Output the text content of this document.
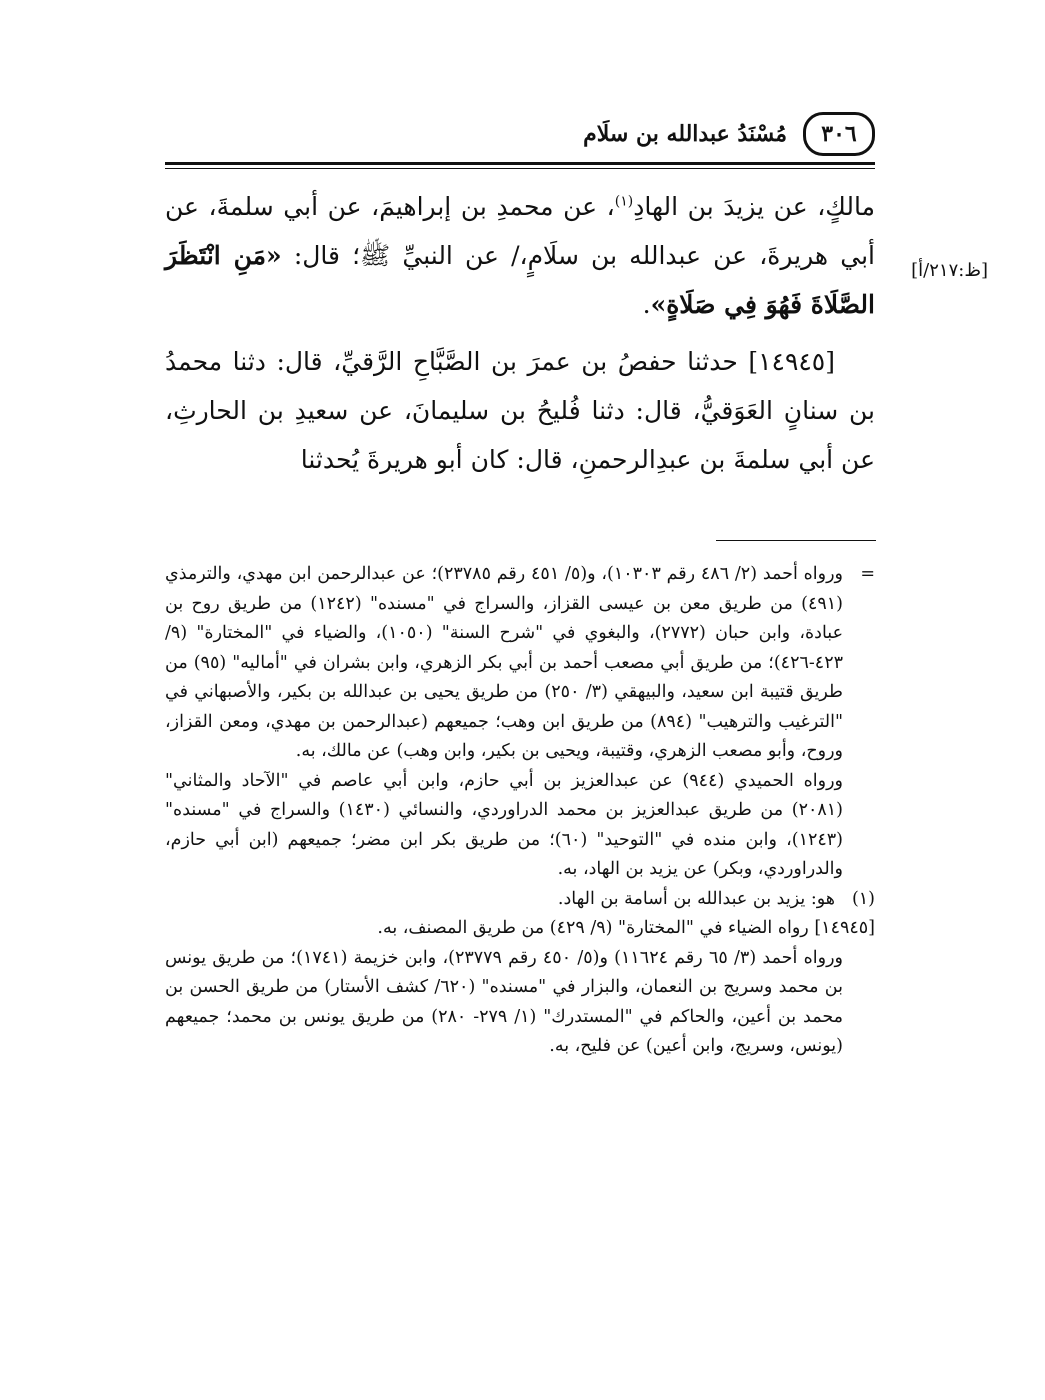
٣٠٦
مُسْنَدُ عبدالله بن سلَام
[ظ:٢١٧/أ]

مالكٍ، عن يزيدَ بن الهادِ$^{(١)}$، عن محمدِ بن إبراهيمَ، عن أبي سلمةَ، عن أبي هريرةَ، عن عبدالله بن سلَامٍ،/ عن النبيِّ ﷺ؛ قال: «مَنِ انْتَظَرَ الصَّلَاةَ فَهُوَ فِي صَلَاةٍ».

[١٤٩٤٥] حدثنا حفصُ بن عمرَ بن الصَّبَّاحِ الرَّقيِّ، قال: دثنا محمدُ بن سنانٍ العَوَقيُّ، قال: دثنا فُليحُ بن سليمانَ، عن سعيدِ بن الحارثِ، عن أبي سلمةَ بن عبدِالرحمنِ، قال: كان أبو هريرةَ يُحدثنا

=
ورواه أحمد (٢/ ٤٨٦ رقم ١٠٣٠٣)، و(٥/ ٤٥١ رقم ٢٣٧٨٥)؛ عن عبدالرحمن ابن مهدي، والترمذي (٤٩١) من طريق معن بن عيسى القزاز، والسراج في "مسنده" (١٢٤٢) من طريق روح بن عبادة، وابن حبان (٢٧٧٢)، والبغوي في "شرح السنة" (١٠٥٠)، والضياء في "المختارة" (٩/ ٤٢٣-٤٢٦)؛ من طريق أبي مصعب أحمد بن أبي بكر الزهري، وابن بشران في "أماليه" (٩٥) من طريق قتيبة ابن سعيد، والبيهقي (٣/ ٢٥٠) من طريق يحيى بن عبدالله بن بكير، والأصبهاني في "الترغيب والترهيب" (٨٩٤) من طريق ابن وهب؛ جميعهم (عبدالرحمن بن مهدي، ومعن القزاز، وروح، وأبو مصعب الزهري، وقتيبة، ويحيى بن بكير، وابن وهب) عن مالك، به.

ورواه الحميدي (٩٤٤) عن عبدالعزيز بن أبي حازم، وابن أبي عاصم في "الآحاد والمثاني" (٢٠٨١) من طريق عبدالعزيز بن محمد الدراوردي، والنسائي (١٤٣٠) والسراج في "مسنده" (١٢٤٣)، وابن منده في "التوحيد" (٦٠)؛ من طريق بكر ابن مضر؛ جميعهم (ابن أبي حازم، والدراوردي، وبكر) عن يزيد بن الهاد، به.

(١)
هو: يزيد بن عبدالله بن أسامة بن الهاد.

[١٤٩٤٥] رواه الضياء في "المختارة" (٩/ ٤٢٩) من طريق المصنف، به.

ورواه أحمد (٣/ ٦٥ رقم ١١٦٢٤) و(٥/ ٤٥٠ رقم ٢٣٧٧٩)، وابن خزيمة (١٧٤١)؛ من طريق يونس بن محمد وسريج بن النعمان، والبزار في "مسنده" (٦٢٠/ كشف الأستار) من طريق الحسن بن محمد بن أعين، والحاكم في "المستدرك" (١/ ٢٧٩- ٢٨٠) من طريق يونس بن محمد؛ جميعهم (يونس، وسريج، وابن أعين) عن فليح، به.
